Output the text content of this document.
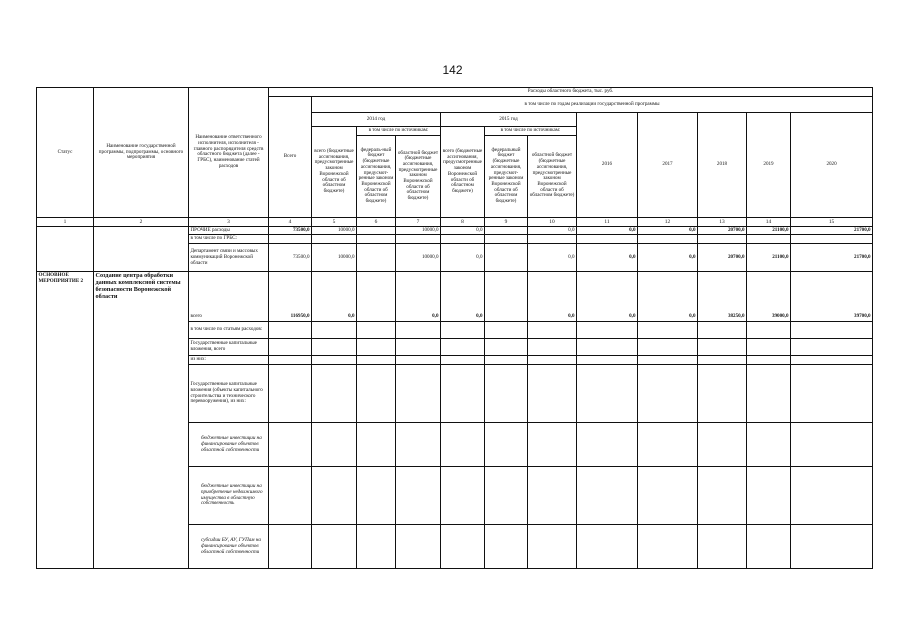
142
Статус	Наименование государственной программы, подпрограммы, основного мероприятия	Наименование ответственного исполнителя, исполнителя - главного распорядителя средств областного бюджета (далее - ГРБС), наименование статей расходов	Расходы областного бюджета, тыс. руб.											
			Всего	в том числе по годам реализации государственной программы										
				2014 год			2015 год			2016	2017	2018	2019	2020
				всего (бюджетные ассигнования, предусмотренные законом Воронежской области об областном бюджете)	в том числе по источникам:		всего (бюджетные ассигнования, предусмотренные законом Воронежской области об областном бюджете)	в том числе по источникам:						
					федераль-ный бюджет (бюджетные ассигнования, предусмот-ренные законом Воронежской области об областном бюджете)	областной бюджет (бюджетные ассигнования, предусмотренные законом Воронежской области об областном бюджете)		федеральный бюджет (бюджетные ассигнования, предусмот-ренные законом Воронежской области об областном бюджете)	областной бюджет (бюджетные ассигнования, предусмотренные законом Воронежской области об областном бюджете)					
1	2	3	4	5	6	7	8	9	10	11	12	13	14	15
		ПРОЧИЕ расходы	73500,0	10000,0		10000,0	0,0		0,0	0,0	0,0	20700,0	21100,0	21700,0
		в том числе по ГРБС:												
		Департамент связи и массовых коммуникаций Воронежской области	73500,0	10000,0		10000,0	0,0		0,0	0,0	0,0	20700,0	21100,0	21700,0
ОСНОВНОЕ МЕРОПРИЯТИЕ 2	Создание центра обработки данных комплексной системы безопасности Воронежской области	всего	116950,0	0,0		0,0	0,0		0,0	0,0	0,0	38250,0	39000,0	39700,0
		в том числе по статьям расходов:												
		Государственные капитальные вложения, всего												
		из них:												
		Государственные капитальные вложения (объекты капитального строительства и технического перевооружения), из них:												
		бюджетные инвестиции на финансирование объектов областной собственности												
		бюджетные инвестиции на приобретение недвижимого имущества в областную собственность												
		субсидии БУ, АУ, ГУПам на финансирование объектов областной собственности												
